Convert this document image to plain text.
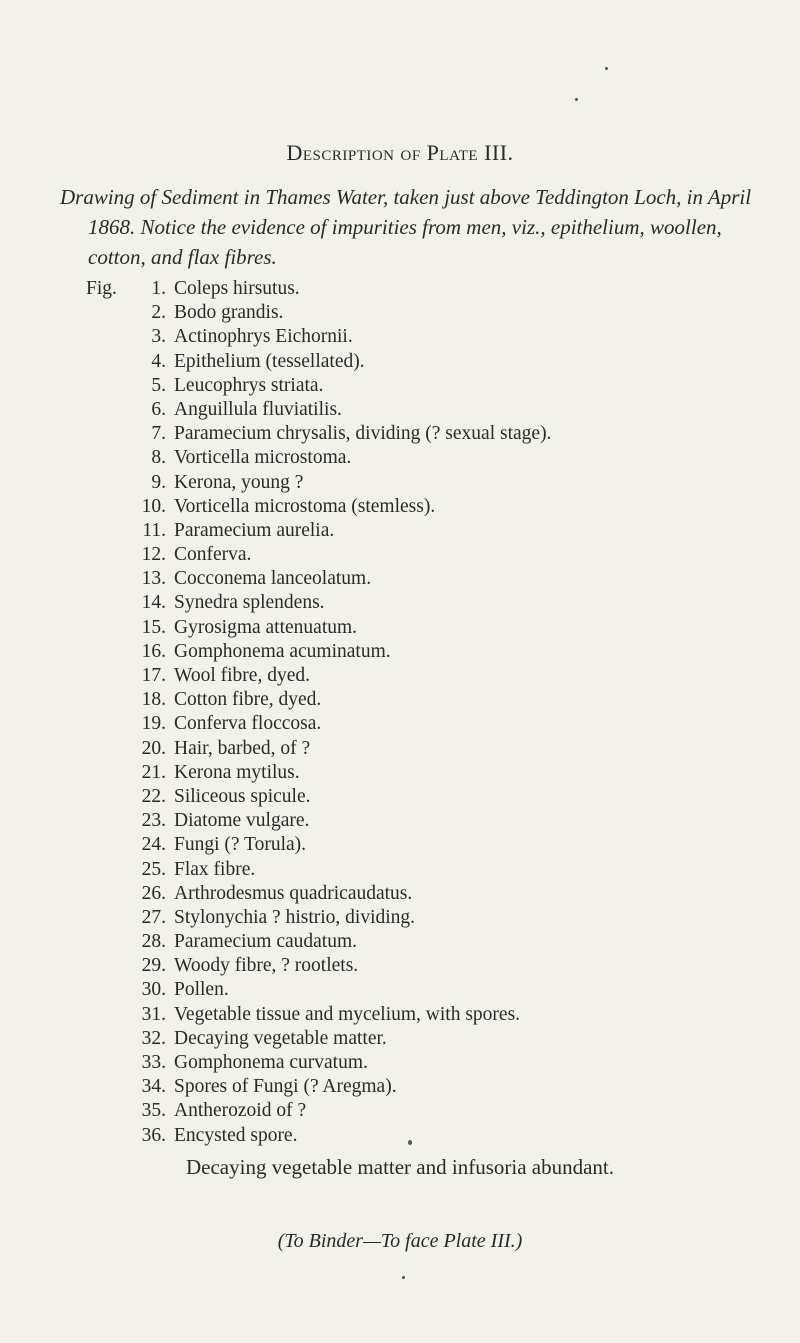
Description of Plate III.
Drawing of Sediment in Thames Water, taken just above Teddington Loch, in April 1868. Notice the evidence of impurities from men, viz., epithelium, woollen, cotton, and flax fibres.
Fig.	1. Coleps hirsutus.
2. Bodo grandis.
3. Actinophrys Eichornii.
4. Epithelium (tessellated).
5. Leucophrys striata.
6. Anguillula fluviatilis.
7. Paramecium chrysalis, dividing (? sexual stage).
8. Vorticella microstoma.
9. Kerona, young ?
10. Vorticella microstoma (stemless).
11. Paramecium aurelia.
12. Conferva.
13. Cocconema lanceolatum.
14. Synedra splendens.
15. Gyrosigma attenuatum.
16. Gomphonema acuminatum.
17. Wool fibre, dyed.
18. Cotton fibre, dyed.
19. Conferva floccosa.
20. Hair, barbed, of ?
21. Kerona mytilus.
22. Siliceous spicule.
23. Diatome vulgare.
24. Fungi (? Torula).
25. Flax fibre.
26. Arthrodesmus quadricaudatus.
27. Stylonychia ? histrio, dividing.
28. Paramecium caudatum.
29. Woody fibre, ? rootlets.
30. Pollen.
31. Vegetable tissue and mycelium, with spores.
32. Decaying vegetable matter.
33. Gomphonema curvatum.
34. Spores of Fungi (? Aregma).
35. Antherozoid of ?
36. Encysted spore.
Decaying vegetable matter and infusoria abundant.
(To Binder—To face Plate III.)
